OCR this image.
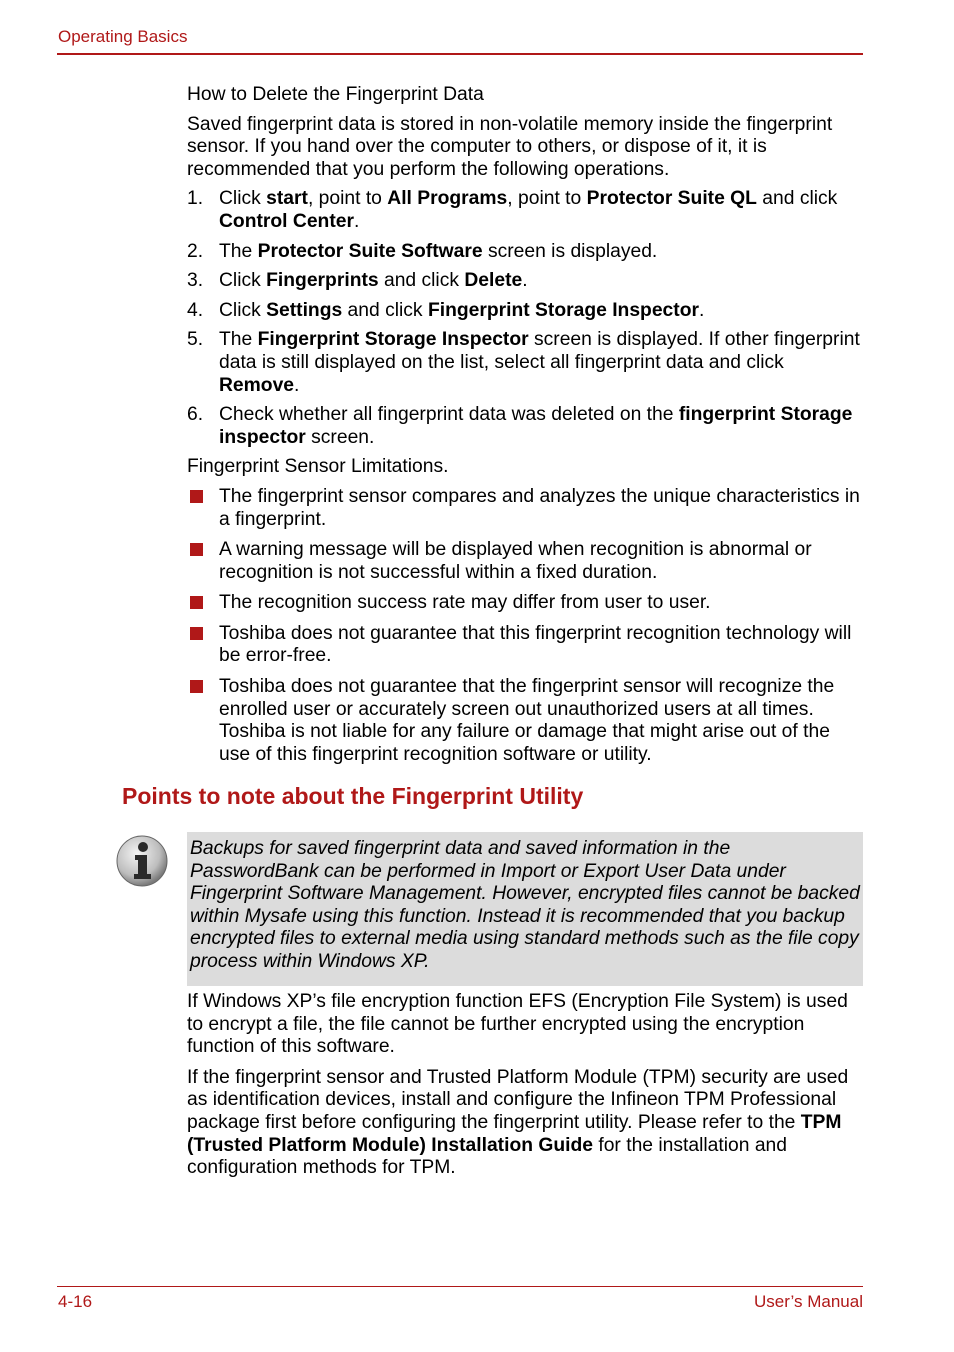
Operating Basics

How to Delete the Fingerprint Data

Saved fingerprint data is stored in non-volatile memory inside the fingerprint sensor. If you hand over the computer to others, or dispose of it, it is recommended that you perform the following operations.

1. Click start, point to All Programs, point to Protector Suite QL and click Control Center.
2. The Protector Suite Software screen is displayed.
3. Click Fingerprints and click Delete.
4. Click Settings and click Fingerprint Storage Inspector.
5. The Fingerprint Storage Inspector screen is displayed. If other fingerprint data is still displayed on the list, select all fingerprint data and click Remove.
6. Check whether all fingerprint data was deleted on the fingerprint Storage inspector screen.

Fingerprint Sensor Limitations.

The fingerprint sensor compares and analyzes the unique characteristics in a fingerprint.
A warning message will be displayed when recognition is abnormal or recognition is not successful within a fixed duration.
The recognition success rate may differ from user to user.
Toshiba does not guarantee that this fingerprint recognition technology will be error-free.
Toshiba does not guarantee that the fingerprint sensor will recognize the enrolled user or accurately screen out unauthorized users at all times. Toshiba is not liable for any failure or damage that might arise out of the use of this fingerprint recognition software or utility.
Points to note about the Fingerprint Utility
Backups for saved fingerprint data and saved information in the PasswordBank can be performed in Import or Export User Data under Fingerprint Software Management. However, encrypted files cannot be backed within Mysafe using this function. Instead it is recommended that you backup encrypted files to external media using standard methods such as the file copy process within Windows XP.

If Windows XP’s file encryption function EFS (Encryption File System) is used to encrypt a file, the file cannot be further encrypted using the encryption function of this software.

If the fingerprint sensor and Trusted Platform Module (TPM) security are used as identification devices, install and configure the Infineon TPM Professional package first before configuring the fingerprint utility. Please refer to the TPM (Trusted Platform Module) Installation Guide for the installation and configuration methods for TPM.

4-16	User’s Manual
